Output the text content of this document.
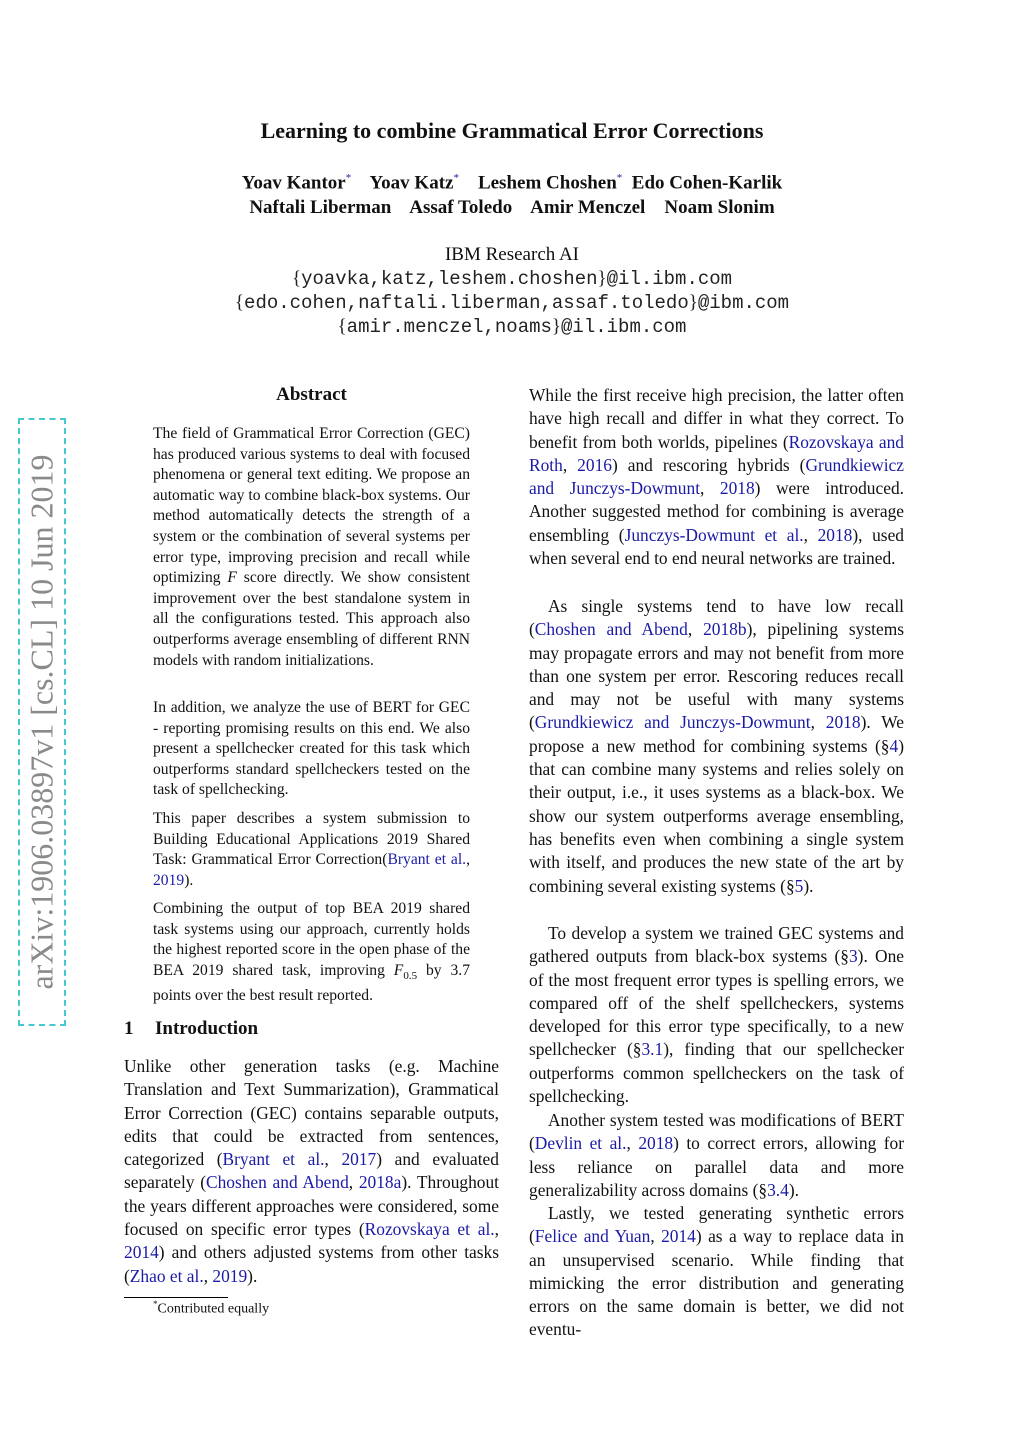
Learning to combine Grammatical Error Corrections
Yoav Kantor* Yoav Katz* Leshem Choshen* Edo Cohen-Karlik
Naftali Liberman Assaf Toledo Amir Menczel Noam Slonim
IBM Research AI
{yoavka,katz,leshem.choshen}@il.ibm.com
{edo.cohen,naftali.liberman,assaf.toledo}@ibm.com
{amir.menczel,noams}@il.ibm.com
arXiv:1906.03897v1 [cs.CL] 10 Jun 2019
Abstract

The field of Grammatical Error Correction (GEC) has produced various systems to deal with focused phenomena or general text editing. We propose an automatic way to combine black-box systems. Our method automatically detects the strength of a system or the combination of several systems per error type, improving precision and recall while optimizing F score directly. We show consistent improvement over the best standalone system in all the configurations tested. This approach also outperforms average ensembling of different RNN models with random initializations.

In addition, we analyze the use of BERT for GEC - reporting promising results on this end. We also present a spellchecker created for this task which outperforms standard spellcheckers tested on the task of spellchecking.

This paper describes a system submission to Building Educational Applications 2019 Shared Task: Grammatical Error Correction(Bryant et al., 2019).

Combining the output of top BEA 2019 shared task systems using our approach, currently holds the highest reported score in the open phase of the BEA 2019 shared task, improving $F_{0.5}$ by 3.7 points over the best result reported.

1 Introduction

Unlike other generation tasks (e.g. Machine Translation and Text Summarization), Grammatical Error Correction (GEC) contains separable outputs, edits that could be extracted from sentences, categorized (Bryant et al., 2017) and evaluated separately (Choshen and Abend, 2018a). Throughout the years different approaches were considered, some focused on specific error types (Rozovskaya et al., 2014) and others adjusted systems from other tasks (Zhao et al., 2019).

*Contributed equally

While the first receive high precision, the latter often have high recall and differ in what they correct. To benefit from both worlds, pipelines (Rozovskaya and Roth, 2016) and rescoring hybrids (Grundkiewicz and Junczys-Dowmunt, 2018) were introduced. Another suggested method for combining is average ensembling (Junczys-Dowmunt et al., 2018), used when several end to end neural networks are trained.

As single systems tend to have low recall (Choshen and Abend, 2018b), pipelining systems may propagate errors and may not benefit from more than one system per error. Rescoring reduces recall and may not be useful with many systems (Grundkiewicz and Junczys-Dowmunt, 2018). We propose a new method for combining systems (§4) that can combine many systems and relies solely on their output, i.e., it uses systems as a black-box. We show our system outperforms average ensembling, has benefits even when combining a single system with itself, and produces the new state of the art by combining several existing systems (§5).

To develop a system we trained GEC systems and gathered outputs from black-box systems (§3). One of the most frequent error types is spelling errors, we compared off of the shelf spellcheckers, systems developed for this error type specifically, to a new spellchecker (§3.1), finding that our spellchecker outperforms common spellcheckers on the task of spellchecking.

Another system tested was modifications of BERT (Devlin et al., 2018) to correct errors, allowing for less reliance on parallel data and more generalizability across domains (§3.4).

Lastly, we tested generating synthetic errors (Felice and Yuan, 2014) as a way to replace data in an unsupervised scenario. While finding that mimicking the error distribution and generating errors on the same domain is better, we did not eventu-
